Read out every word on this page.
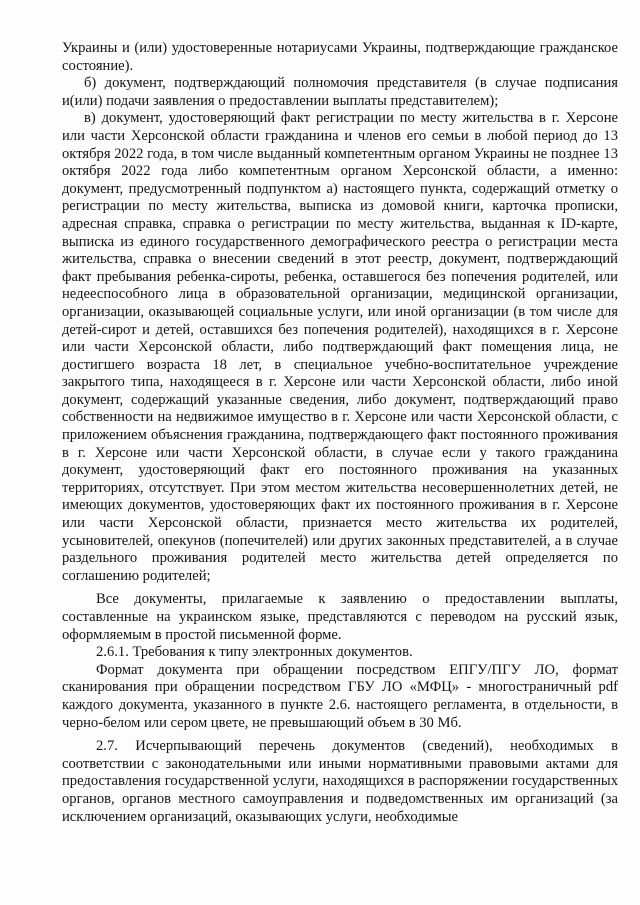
Украины и (или) удостоверенные нотариусами Украины, подтверждающие гражданское состояние).

б) документ, подтверждающий полномочия представителя (в случае подписания и(или) подачи заявления о предоставлении выплаты представителем);

в) документ, удостоверяющий факт регистрации по месту жительства в г. Херсоне или части Херсонской области гражданина и членов его семьи в любой период до 13 октября 2022 года, в том числе выданный компетентным органом Украины не позднее 13 октября 2022 года либо компетентным органом Херсонской области, а именно: документ, предусмотренный подпунктом а) настоящего пункта, содержащий отметку о регистрации по месту жительства, выписка из домовой книги, карточка прописки, адресная справка, справка о регистрации по месту жительства, выданная к ID-карте, выписка из единого государственного демографического реестра о регистрации места жительства, справка о внесении сведений в этот реестр, документ, подтверждающий факт пребывания ребенка-сироты, ребенка, оставшегося без попечения родителей, или недееспособного лица в образовательной организации, медицинской организации, организации, оказывающей социальные услуги, или иной организации (в том числе для детей-сирот и детей, оставшихся без попечения родителей), находящихся в г. Херсоне или части Херсонской области, либо подтверждающий факт помещения лица, не достигшего возраста 18 лет, в специальное учебно-воспитательное учреждение закрытого типа, находящееся в г. Херсоне или части Херсонской области, либо иной документ, содержащий указанные сведения, либо документ, подтверждающий право собственности на недвижимое имущество в г. Херсоне или части Херсонской области, с приложением объяснения гражданина, подтверждающего факт постоянного проживания в г. Херсоне или части Херсонской области, в случае если у такого гражданина документ, удостоверяющий факт его постоянного проживания на указанных территориях, отсутствует. При этом местом жительства несовершеннолетних детей, не имеющих документов, удостоверяющих факт их постоянного проживания в г. Херсоне или части Херсонской области, признается место жительства их родителей, усыновителей, опекунов (попечителей) или других законных представителей, а в случае раздельного проживания родителей место жительства детей определяется по соглашению родителей;

Все документы, прилагаемые к заявлению о предоставлении выплаты, составленные на украинском языке, представляются с переводом на русский язык, оформляемым в простой письменной форме.

2.6.1. Требования к типу электронных документов.

Формат документа при обращении посредством ЕПГУ/ПГУ ЛО, формат сканирования при обращении посредством ГБУ ЛО «МФЦ» - многостраничный pdf каждого документа, указанного в пункте 2.6. настоящего регламента, в отдельности, в черно-белом или сером цвете, не превышающий объем в 30 Мб.

2.7. Исчерпывающий перечень документов (сведений), необходимых в соответствии с законодательными или иными нормативными правовыми актами для предоставления государственной услуги, находящихся в распоряжении государственных органов, органов местного самоуправления и подведомственных им организаций (за исключением организаций, оказывающих услуги, необходимые
